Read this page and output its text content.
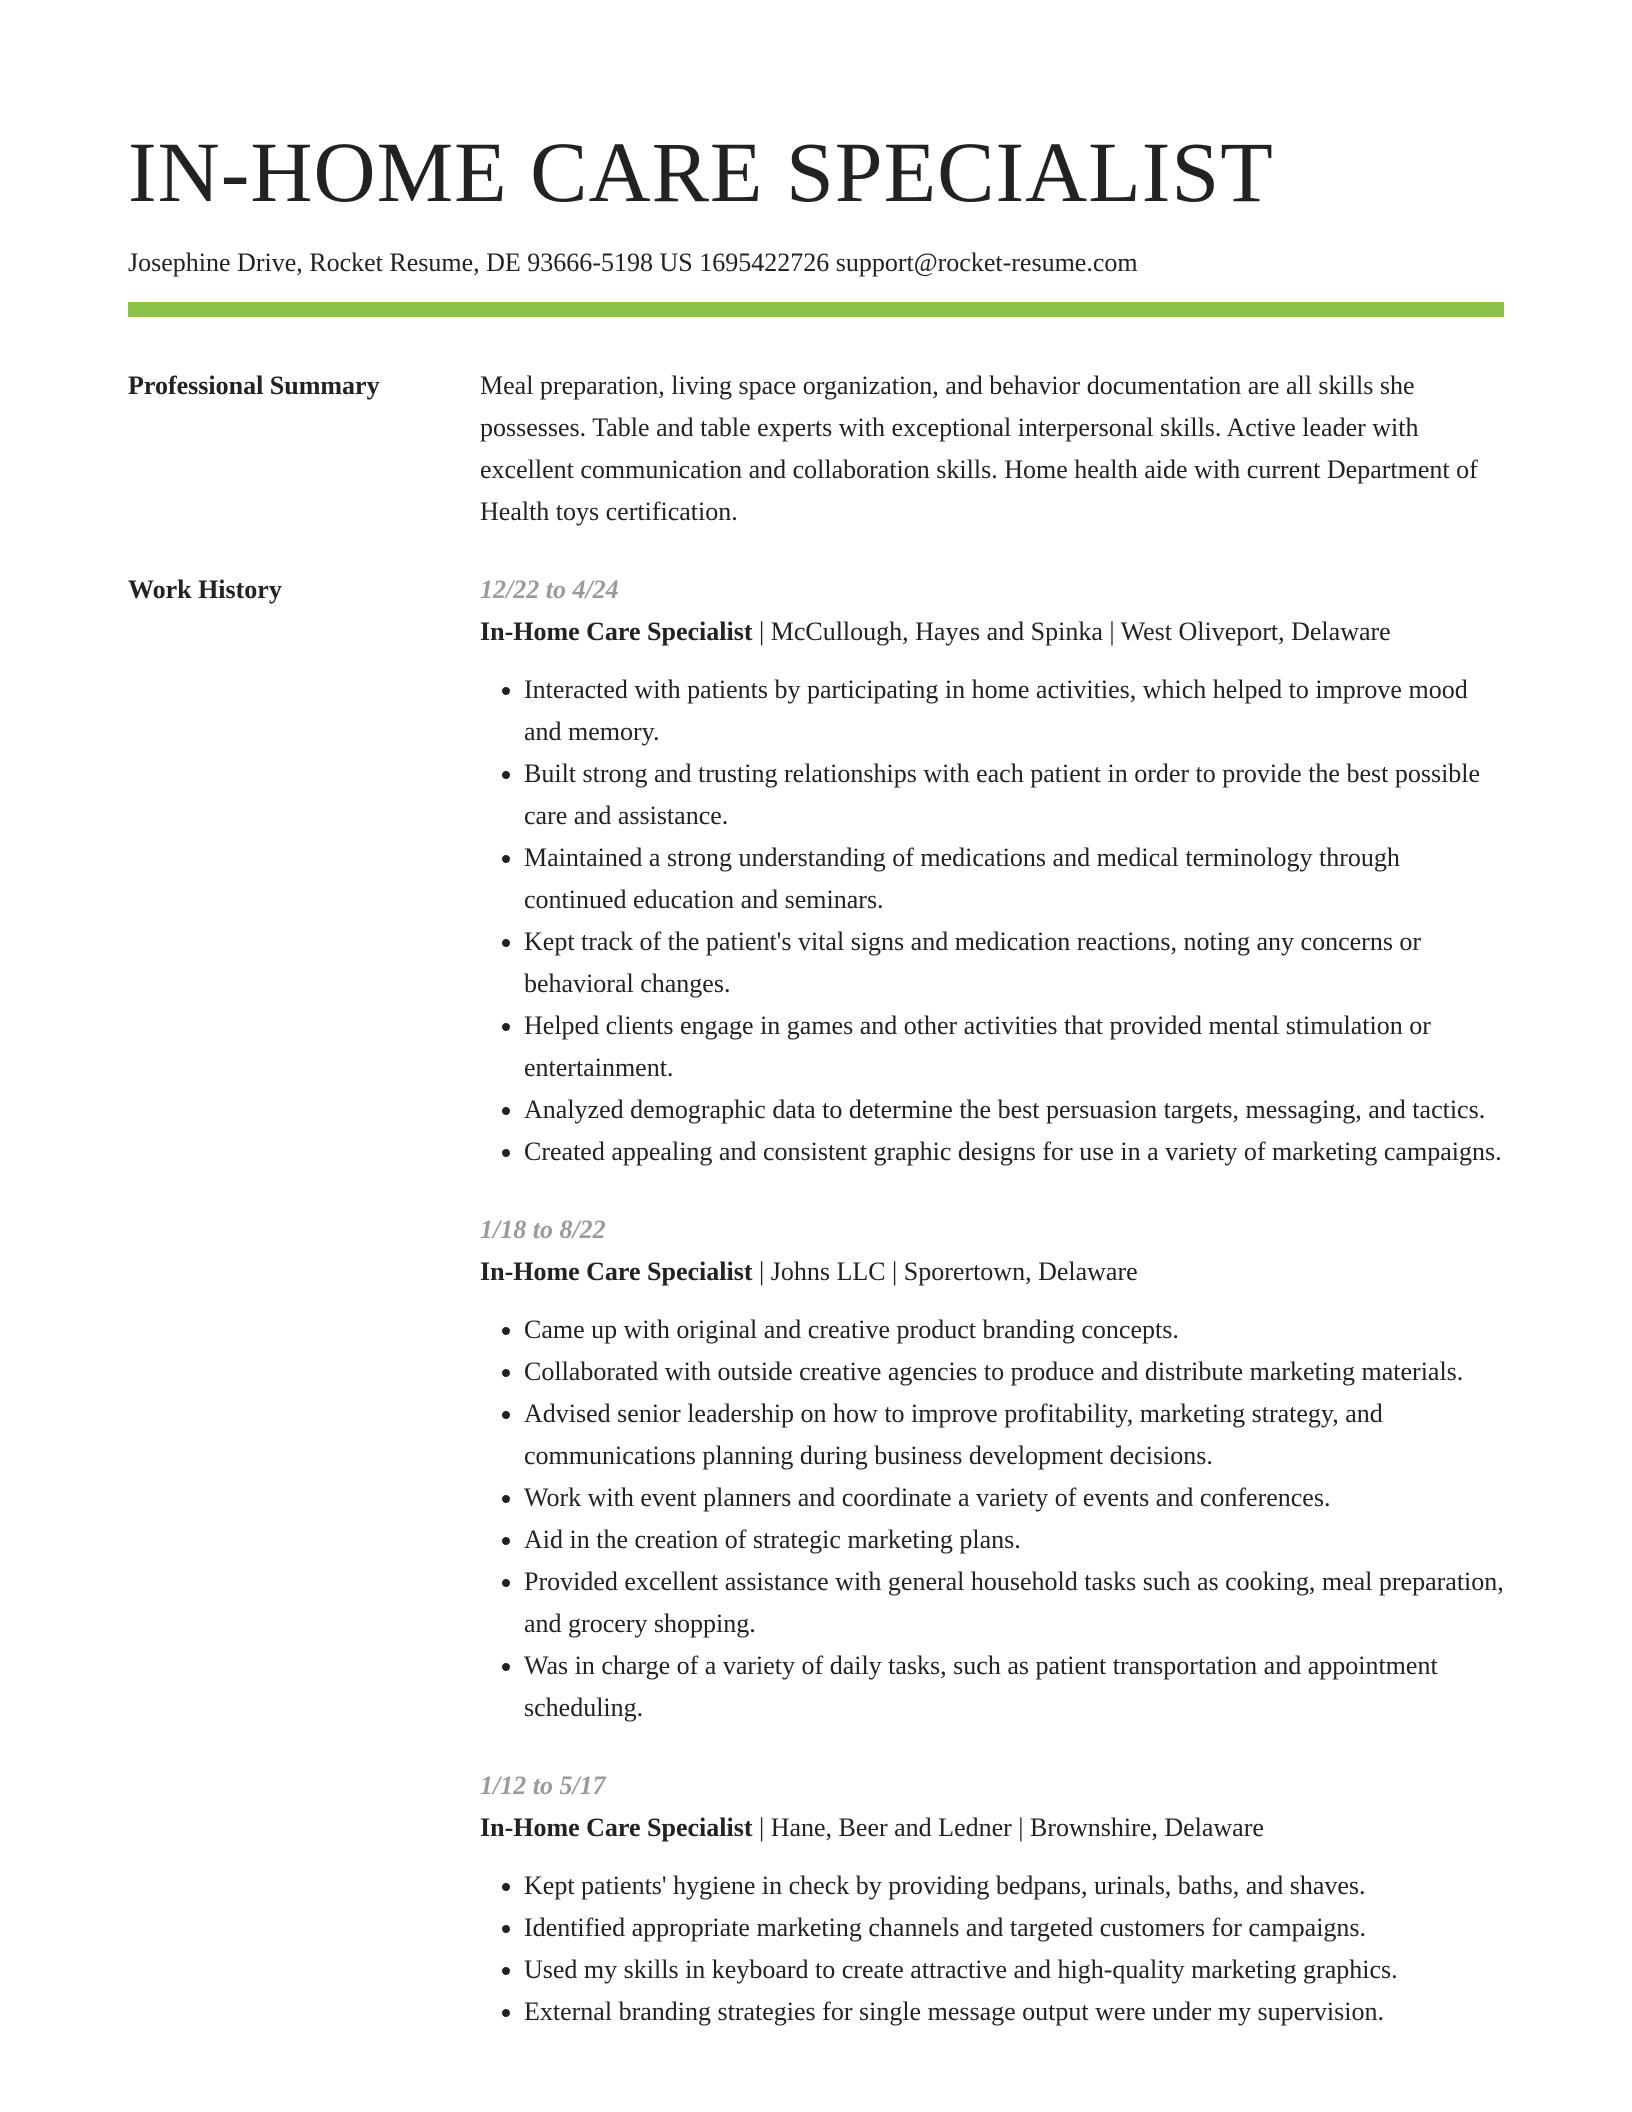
IN-HOME CARE SPECIALIST
Josephine Drive, Rocket Resume, DE 93666-5198 US 1695422726 support@rocket-resume.com
Professional Summary	Meal preparation, living space organization, and behavior documentation are all skills she possesses. Table and table experts with exceptional interpersonal skills. Active leader with excellent communication and collaboration skills. Home health aide with current Department of Health toys certification.

Work History	12/22 to 4/24
In-Home Care Specialist | McCullough, Hayes and Spinka | West Oliveport, Delaware
• Interacted with patients by participating in home activities, which helped to improve mood and memory.
• Built strong and trusting relationships with each patient in order to provide the best possible care and assistance.
• Maintained a strong understanding of medications and medical terminology through continued education and seminars.
• Kept track of the patient's vital signs and medication reactions, noting any concerns or behavioral changes.
• Helped clients engage in games and other activities that provided mental stimulation or entertainment.
• Analyzed demographic data to determine the best persuasion targets, messaging, and tactics.
• Created appealing and consistent graphic designs for use in a variety of marketing campaigns.
1/18 to 8/22
In-Home Care Specialist | Johns LLC | Sporertown, Delaware
• Came up with original and creative product branding concepts.
• Collaborated with outside creative agencies to produce and distribute marketing materials.
• Advised senior leadership on how to improve profitability, marketing strategy, and communications planning during business development decisions.
• Work with event planners and coordinate a variety of events and conferences.
• Aid in the creation of strategic marketing plans.
• Provided excellent assistance with general household tasks such as cooking, meal preparation, and grocery shopping.
• Was in charge of a variety of daily tasks, such as patient transportation and appointment scheduling.
1/12 to 5/17
In-Home Care Specialist | Hane, Beer and Ledner | Brownshire, Delaware
• Kept patients' hygiene in check by providing bedpans, urinals, baths, and shaves.
• Identified appropriate marketing channels and targeted customers for campaigns.
• Used my skills in keyboard to create attractive and high-quality marketing graphics.
• External branding strategies for single message output were under my supervision.
